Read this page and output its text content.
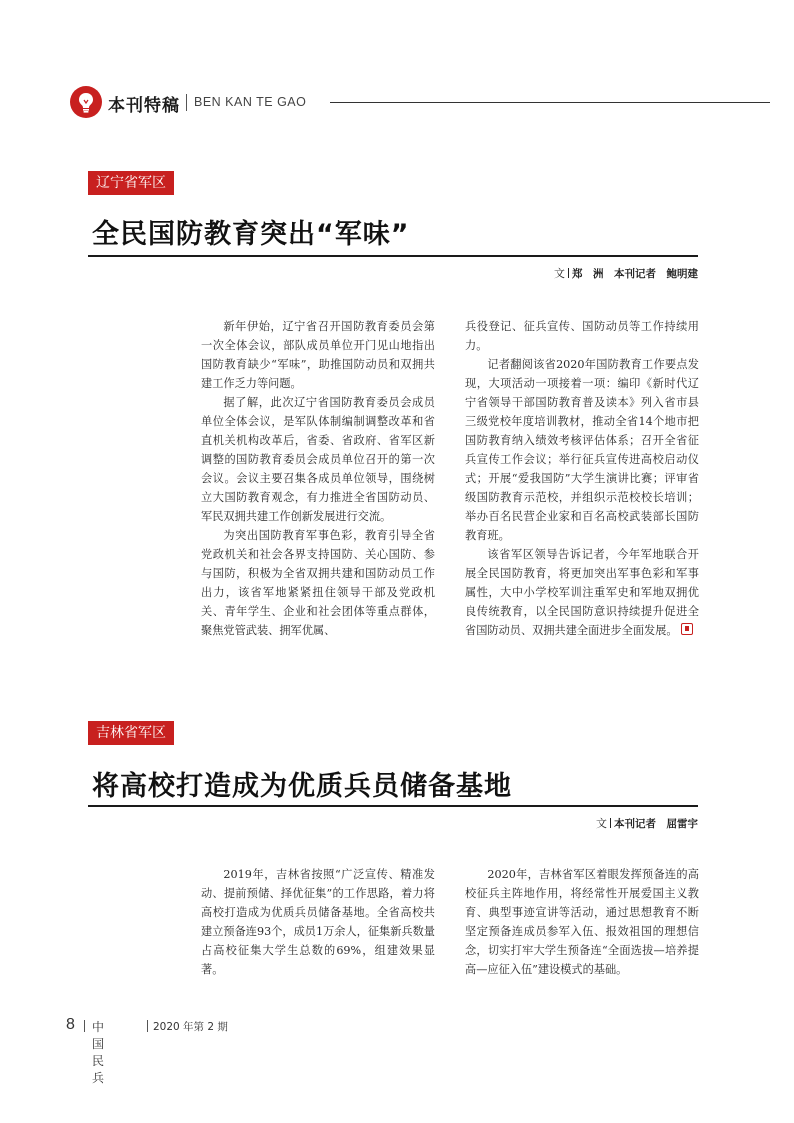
本刊特稿 BEN KAN TE GAO
辽宁省军区
全民国防教育突出“军味”
文 郑　洲　本刊记者　鲍明建

新年伊始，辽宁省召开国防教育委员会第一次全体会议，部队成员单位开门见山地指出国防教育缺少“军味”，助推国防动员和双拥共建工作乏力等问题。

据了解，此次辽宁省国防教育委员会成员单位全体会议，是军队体制编制调整改革和省直机关机构改革后，省委、省政府、省军区新调整的国防教育委员会成员单位召开的第一次会议。会议主要召集各成员单位领导，围绕树立大国防教育观念，有力推进全省国防动员、军民双拥共建工作创新发展进行交流。

为突出国防教育军事色彩，教育引导全省党政机关和社会各界支持国防、关心国防、参与国防，积极为全省双拥共建和国防动员工作出力，该省军地紧紧扭住领导干部及党政机关、青年学生、企业和社会团体等重点群体，聚焦党管武装、拥军优属、

兵役登记、征兵宣传、国防动员等工作持续用力。

记者翻阅该省2020年国防教育工作要点发现，大项活动一项接着一项：编印《新时代辽宁省领导干部国防教育普及读本》列入省市县三级党校年度培训教材，推动全省14个地市把国防教育纳入绩效考核评估体系；召开全省征兵宣传工作会议；举行征兵宣传进高校启动仪式；开展“爱我国防”大学生演讲比赛；评审省级国防教育示范校，并组织示范校校长培训；举办百名民营企业家和百名高校武装部长国防教育班。

该省军区领导告诉记者，今年军地联合开展全民国防教育，将更加突出军事色彩和军事属性，大中小学校军训注重军史和军地双拥优良传统教育，以全民国防意识持续提升促进全省国防动员、双拥共建全面进步全面发展。

吉林省军区
将高校打造成为优质兵员储备基地
文 本刊记者　屈雷宇

2019年，吉林省按照“广泛宣传、精准发动、提前预储、择优征集”的工作思路，着力将高校打造成为优质兵员储备基地。全省高校共建立预备连93个，成员1万余人，征集新兵数量占高校征集大学生总数的69%，组建效果显著。

2020年，吉林省军区着眼发挥预备连的高校征兵主阵地作用，将经常性开展爱国主义教育、典型事迹宣讲等活动，通过思想教育不断坚定预备连成员参军入伍、报效祖国的理想信念，切实打牢大学生预备连“全面选拔—培养提高—应征入伍”建设模式的基础。

8 中国民兵
2020 年第 2 期
